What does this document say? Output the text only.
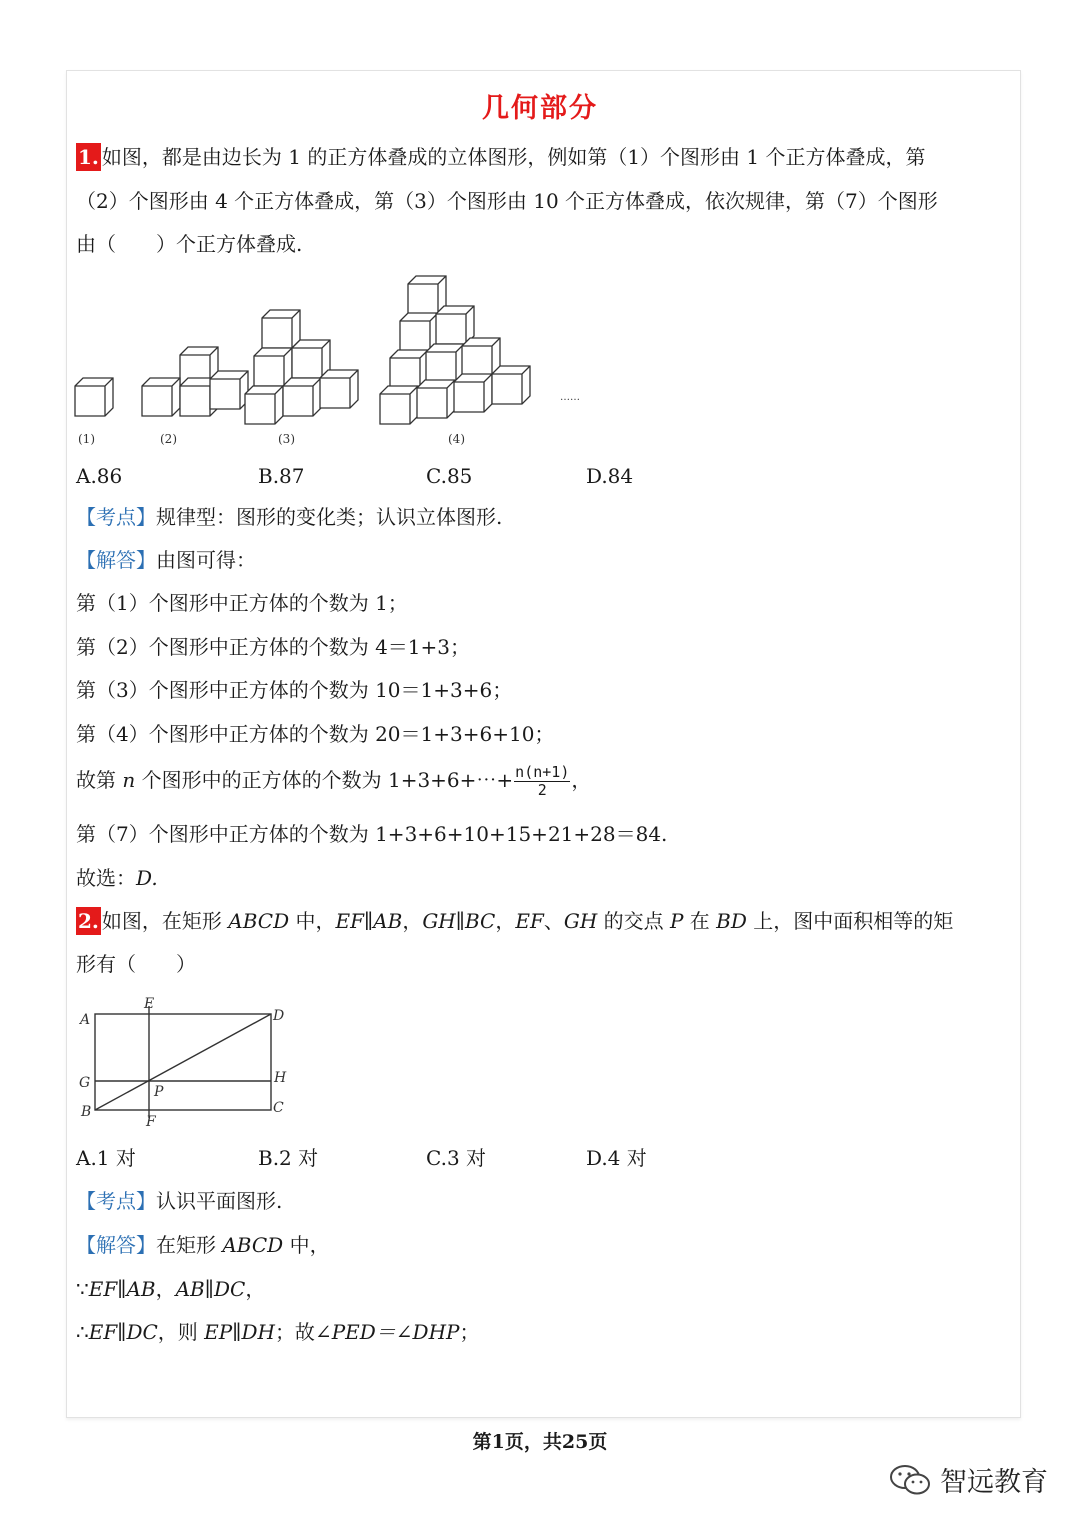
几何部分
1. 如图，都是由边长为 1 的正方体叠成的立体图形，例如第（1）个图形由 1 个正方体叠成，第
（2）个图形由 4 个正方体叠成，第（3）个图形由 10 个正方体叠成，依次规律，第（7）个图形
由（　　）个正方体叠成.
……
(1)	(2)	(3)	(4)
A.86	B.87	C.85	D.84
【考点】规律型：图形的变化类；认识立体图形.
【解答】由图可得：
第（1）个图形中正方体的个数为 1；
第（2）个图形中正方体的个数为 4＝1+3；
第（3）个图形中正方体的个数为 10＝1+3+6；
第（4）个图形中正方体的个数为 20＝1+3+6+10；
故第 n 个图形中的正方体的个数为 1+3+6+⋯+ $\frac{n(n+1)}{2}$ ，
第（7）个图形中正方体的个数为 1+3+6+10+15+21+28＝84.
故选：D.
2. 如图，在矩形 ABCD 中，EF∥AB，GH∥BC，EF、GH 的交点 P 在 BD 上，图中面积相等的矩
形有（　　）
A
E
D
G	H
B
F
C
P
A.1 对	B.2 对	C.3 对	D.4 对
【考点】认识平面图形.
【解答】在矩形 ABCD 中，
∵EF∥AB，AB∥DC，
∴EF∥DC，则 EP∥DH；故∠PED＝∠DHP；
第1页，共25页
智远教育
